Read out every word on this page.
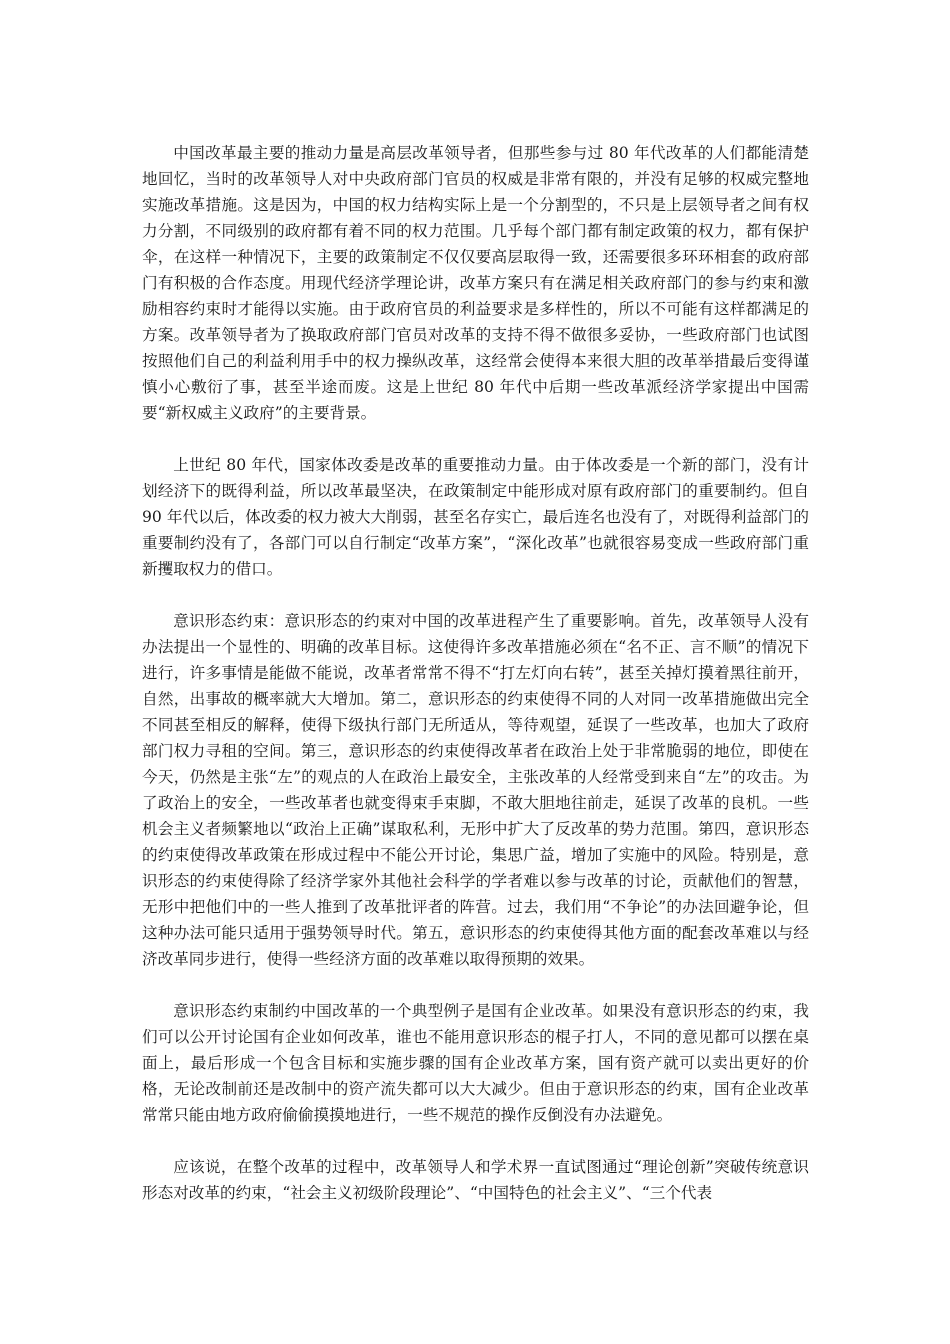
中国改革最主要的推动力量是高层改革领导者，但那些参与过 80 年代改革的人们都能清楚地回忆，当时的改革领导人对中央政府部门官员的权威是非常有限的，并没有足够的权威完整地实施改革措施。这是因为，中国的权力结构实际上是一个分割型的，不只是上层领导者之间有权力分割，不同级别的政府都有着不同的权力范围。几乎每个部门都有制定政策的权力，都有保护伞，在这样一种情况下，主要的政策制定不仅仅要高层取得一致，还需要很多环环相套的政府部门有积极的合作态度。用现代经济学理论讲，改革方案只有在满足相关政府部门的参与约束和激励相容约束时才能得以实施。由于政府官员的利益要求是多样性的，所以不可能有这样都满足的方案。改革领导者为了换取政府部门官员对改革的支持不得不做很多妥协，一些政府部门也试图按照他们自己的利益利用手中的权力操纵改革，这经常会使得本来很大胆的改革举措最后变得谨慎小心敷衍了事，甚至半途而废。这是上世纪 80 年代中后期一些改革派经济学家提出中国需要“新权威主义政府”的主要背景。

上世纪 80 年代，国家体改委是改革的重要推动力量。由于体改委是一个新的部门，没有计划经济下的既得利益，所以改革最坚决，在政策制定中能形成对原有政府部门的重要制约。但自 90 年代以后，体改委的权力被大大削弱，甚至名存实亡，最后连名也没有了，对既得利益部门的重要制约没有了，各部门可以自行制定“改革方案”，“深化改革”也就很容易变成一些政府部门重新攫取权力的借口。

意识形态约束：意识形态的约束对中国的改革进程产生了重要影响。首先，改革领导人没有办法提出一个显性的、明确的改革目标。这使得许多改革措施必须在“名不正、言不顺”的情况下进行，许多事情是能做不能说，改革者常常不得不“打左灯向右转”，甚至关掉灯摸着黑往前开，自然，出事故的概率就大大增加。第二，意识形态的约束使得不同的人对同一改革措施做出完全不同甚至相反的解释，使得下级执行部门无所适从，等待观望，延误了一些改革，也加大了政府部门权力寻租的空间。第三，意识形态的约束使得改革者在政治上处于非常脆弱的地位，即使在今天，仍然是主张“左”的观点的人在政治上最安全，主张改革的人经常受到来自“左”的攻击。为了政治上的安全，一些改革者也就变得束手束脚，不敢大胆地往前走，延误了改革的良机。一些机会主义者频繁地以“政治上正确”谋取私利，无形中扩大了反改革的势力范围。第四，意识形态的约束使得改革政策在形成过程中不能公开讨论，集思广益，增加了实施中的风险。特别是，意识形态的约束使得除了经济学家外其他社会科学的学者难以参与改革的讨论，贡献他们的智慧，无形中把他们中的一些人推到了改革批评者的阵营。过去，我们用“不争论”的办法回避争论，但这种办法可能只适用于强势领导时代。第五，意识形态的约束使得其他方面的配套改革难以与经济改革同步进行，使得一些经济方面的改革难以取得预期的效果。

意识形态约束制约中国改革的一个典型例子是国有企业改革。如果没有意识形态的约束，我们可以公开讨论国有企业如何改革，谁也不能用意识形态的棍子打人，不同的意见都可以摆在桌面上，最后形成一个包含目标和实施步骤的国有企业改革方案，国有资产就可以卖出更好的价格，无论改制前还是改制中的资产流失都可以大大减少。但由于意识形态的约束，国有企业改革常常只能由地方政府偷偷摸摸地进行，一些不规范的操作反倒没有办法避免。

应该说，在整个改革的过程中，改革领导人和学术界一直试图通过“理论创新”突破传统意识形态对改革的约束，“社会主义初级阶段理论”、“中国特色的社会主义”、“三个代表
